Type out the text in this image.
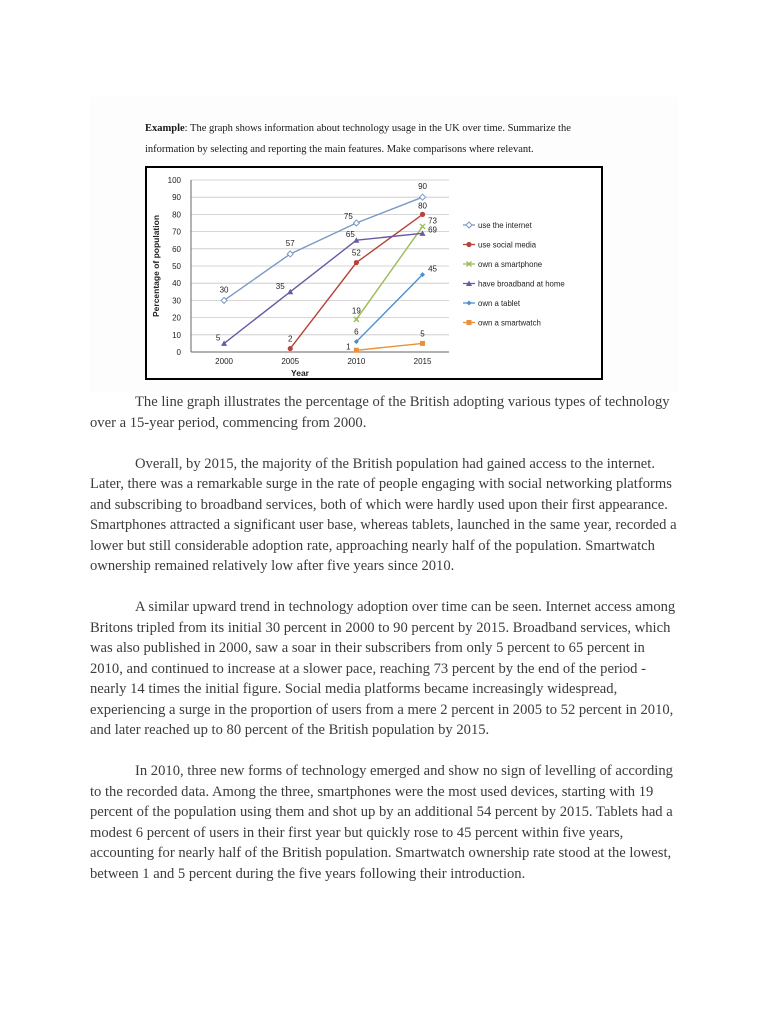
Example: The graph shows information about technology usage in the UK over time. Summarize the information by selecting and reporting the main features. Make comparisons where relevant.
0
10
20
30
40
50
60
70
80
90
100
2000	2005	2010	2015
Year
Percentage of population	30
57
75
90
2
52
80
19
73
5
35
65
69
6
45
1
5
use the internet
use social media
own a smartphone
have broadband at home
own a tablet
own a smartwatch

The line graph illustrates the percentage of the British adopting various types of technology over a 15-year period, commencing from 2000.

Overall, by 2015, the majority of the British population had gained access to the internet. Later, there was a remarkable surge in the rate of people engaging with social networking platforms and subscribing to broadband services, both of which were hardly used upon their first appearance. Smartphones attracted a significant user base, whereas tablets, launched in the same year, recorded a lower but still considerable adoption rate, approaching nearly half of the population. Smartwatch ownership remained relatively low after five years since 2010.

A similar upward trend in technology adoption over time can be seen. Internet access among Britons tripled from its initial 30 percent in 2000 to 90 percent by 2015. Broadband services, which was also published in 2000, saw a soar in their subscribers from only 5 percent to 65 percent in 2010, and continued to increase at a slower pace, reaching 73 percent by the end of the period - nearly 14 times the initial figure. Social media platforms became increasingly widespread, experiencing a surge in the proportion of users from a mere 2 percent in 2005 to 52 percent in 2010, and later reached up to 80 percent of the British population by 2015.

In 2010, three new forms of technology emerged and show no sign of levelling of according to the recorded data. Among the three, smartphones were the most used devices, starting with 19 percent of the population using them and shot up by an additional 54 percent by 2015. Tablets had a modest 6 percent of users in their first year but quickly rose to 45 percent within five years, accounting for nearly half of the British population. Smartwatch ownership rate stood at the lowest, between 1 and 5 percent during the five years following their introduction.
